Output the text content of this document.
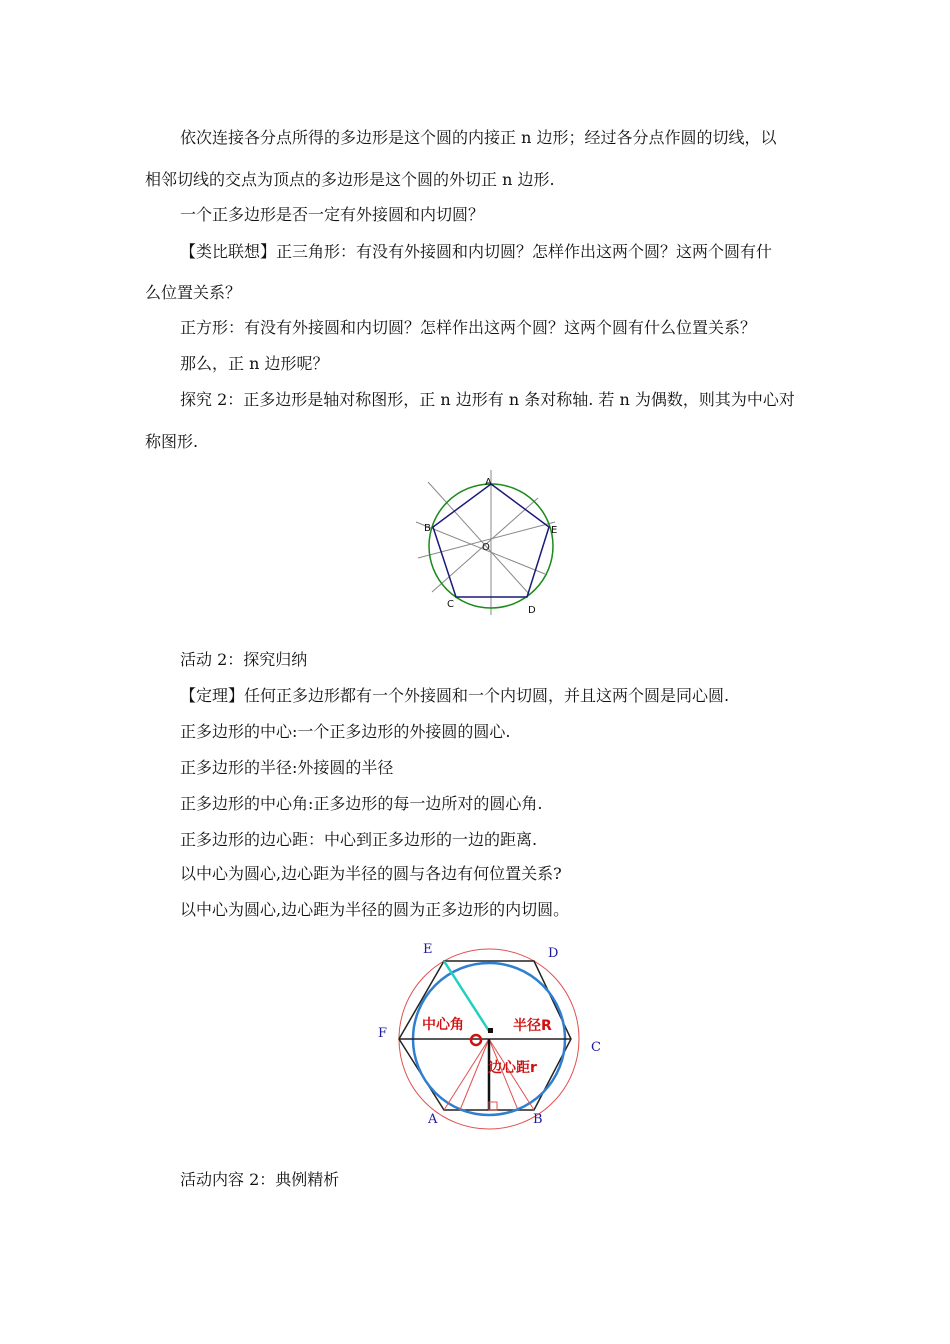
依次连接各分点所得的多边形是这个圆的内接正 n 边形；经过各分点作圆的切线，以
相邻切线的交点为顶点的多边形是这个圆的外切正 n 边形.
一个正多边形是否一定有外接圆和内切圆？
【类比联想】正三角形：有没有外接圆和内切圆？怎样作出这两个圆？这两个圆有什
么位置关系？
正方形：有没有外接圆和内切圆？怎样作出这两个圆？这两个圆有什么位置关系？
那么，正 n 边形呢？
探究 2：正多边形是轴对称图形，正 n 边形有 n 条对称轴. 若 n 为偶数，则其为中心对
称图形.
A
B	E
O
C
D
活动 2：探究归纳
【定理】任何正多边形都有一个外接圆和一个内切圆，并且这两个圆是同心圆.
正多边形的中心:一个正多边形的外接圆的圆心.
正多边形的半径:外接圆的半径
正多边形的中心角:正多边形的每一边所对的圆心角.
正多边形的边心距：中心到正多边形的一边的距离.
以中心为圆心,边心距为半径的圆与各边有何位置关系?
以中心为圆心,边心距为半径的圆为正多边形的内切圆。
E	D
F
C
A	B
中心角	半径R
边心距r
活动内容 2：典例精析
